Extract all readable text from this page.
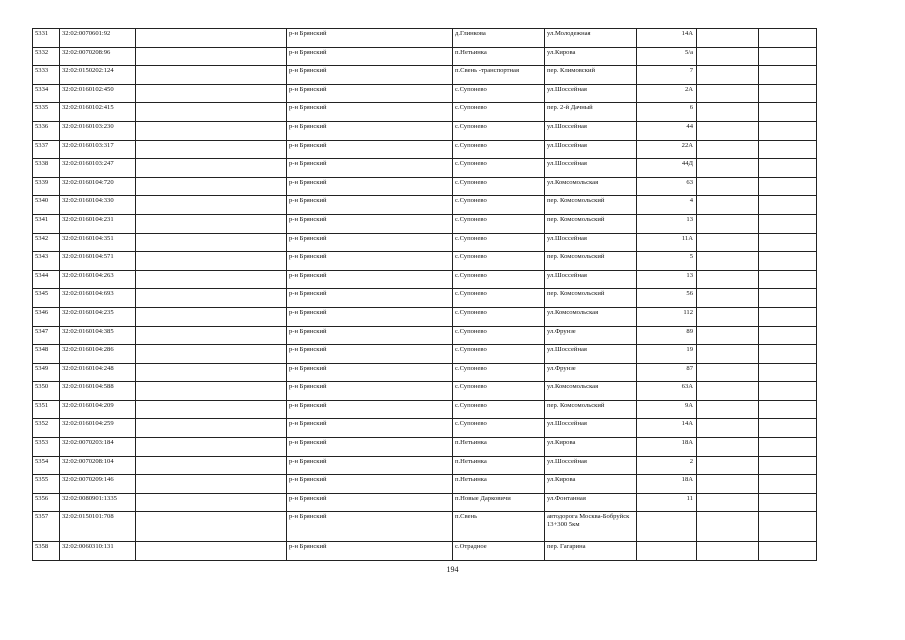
5331	32:02:0070601:92		р-н Брянский	д.Глинкова	ул.Молодежная	14А		
5332	32:02:0070208:96		р-н Брянский	п.Нетьинка	ул.Кирова	5/а		
5333	32:02:0150202:124		р-н Брянский	п.Свень -транспортная	пер. Климовский	7		
5334	32:02:0160102:450		р-н Брянский	с.Супонево	ул.Шоссейная	2А		
5335	32:02:0160102:415		р-н Брянский	с.Супонево	пер. 2-й Дачный	6		
5336	32:02:0160103:230		р-н Брянский	с.Супонево	ул.Шоссейная	44		
5337	32:02:0160103:317		р-н Брянский	с.Супонево	ул.Шоссейная	22А		
5338	32:02:0160103:247		р-н Брянский	с.Супонево	ул.Шоссейная	44Д		
5339	32:02:0160104:720		р-н Брянский	с.Супонево	ул.Комсомольская	63		
5340	32:02:0160104:330		р-н Брянский	с.Супонево	пер. Комсомольский	4		
5341	32:02:0160104:231		р-н Брянский	с.Супонево	пер. Комсомольский	13		
5342	32:02:0160104:351		р-н Брянский	с.Супонево	ул.Шоссейная	11А		
5343	32:02:0160104:571		р-н Брянский	с.Супонево	пер. Комсомольский	5		
5344	32:02:0160104:263		р-н Брянский	с.Супонево	ул.Шоссейная	13		
5345	32:02:0160104:693		р-н Брянский	с.Супонево	пер. Комсомольский	56		
5346	32:02:0160104:235		р-н Брянский	с.Супонево	ул.Комсомольская	112		
5347	32:02:0160104:385		р-н Брянский	с.Супонево	ул.Фрунзе	89		
5348	32:02:0160104:286		р-н Брянский	с.Супонево	ул.Шоссейная	19		
5349	32:02:0160104:248		р-н Брянский	с.Супонево	ул.Фрунзе	87		
5350	32:02:0160104:588		р-н Брянский	с.Супонево	ул.Комсомольская	63А		
5351	32:02:0160104:209		р-н Брянский	с.Супонево	пер. Комсомольский	9А		
5352	32:02:0160104:259		р-н Брянский	с.Супонево	ул.Шоссейная	14А		
5353	32:02:0070203:184		р-н Брянский	п.Нетьинка	ул.Кирова	18А		
5354	32:02:0070208:104		р-н Брянский	п.Нетьинка	ул.Шоссейная	2		
5355	32:02:0070209:146		р-н Брянский	п.Нетьинка	ул.Кирова	18А		
5356	32:02:0080901:1335		р-н Брянский	п.Новые Дарковичи	ул.Фонтанная	11		
5357	32:02:0150101:708		р-н Брянский	п.Свень	автодорога Москва-Бобруйск 13+300 5км			
5358	32:02:0060310:131		р-н Брянский	с.Отрадное	пер. Гагарина			
194
